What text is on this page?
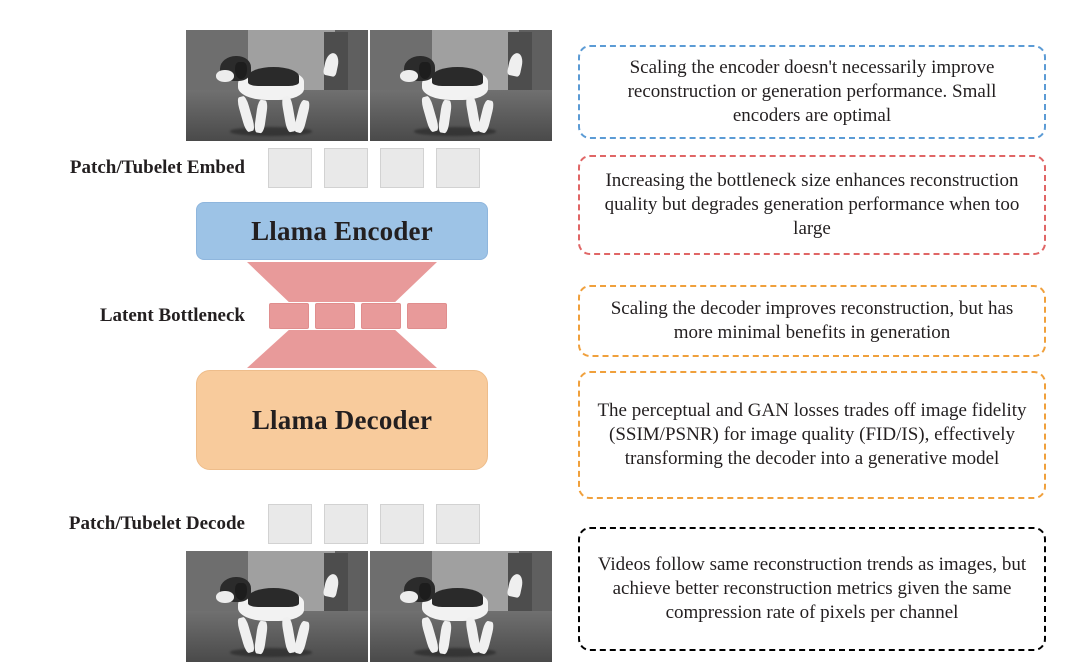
Patch/Tubelet Embed
Llama Encoder
Latent Bottleneck
Llama Decoder
Patch/Tubelet Decode

Scaling the encoder doesn't necessarily improve reconstruction or generation performance. Small encoders are optimal

Increasing the bottleneck size enhances reconstruction quality but degrades generation performance when too large

Scaling the decoder improves reconstruction, but has more minimal benefits in generation

The perceptual and GAN losses trades off image fidelity (SSIM/PSNR) for image quality (FID/IS), effectively transforming the decoder into a generative model

Videos follow same reconstruction trends as images, but achieve better reconstruction metrics given the same compression rate of pixels per channel
